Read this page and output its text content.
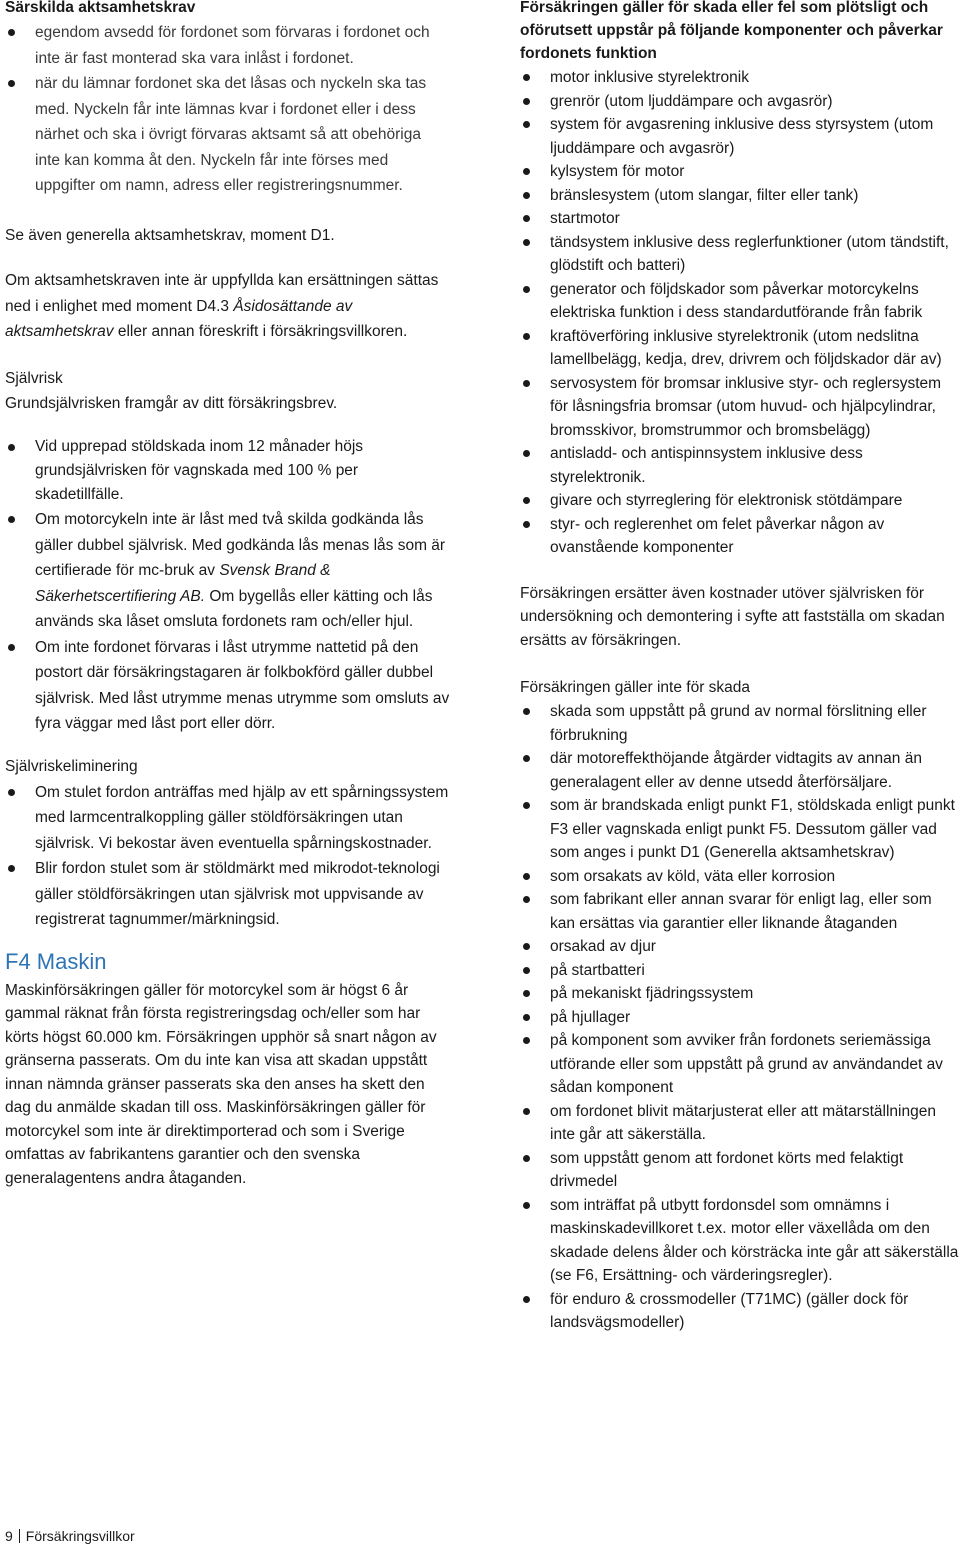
Särskilda aktsamhetskrav

egendom avsedd för fordonet som förvaras i fordonet och inte är fast monterad ska vara inlåst i fordonet.
när du lämnar fordonet ska det låsas och nyckeln ska tas med. Nyckeln får inte lämnas kvar i fordonet eller i dess närhet och ska i övrigt förvaras aktsamt så att obehöriga inte kan komma åt den. Nyckeln får inte förses med uppgifter om namn, adress eller registreringsnummer.

Se även generella aktsamhetskrav, moment D1.

Om aktsamhetskraven inte är uppfyllda kan ersättningen sättas ned i enlighet med moment D4.3 Åsidosättande av aktsamhetskrav eller annan föreskrift i försäkringsvillkoren.

Självrisk

Grundsjälvrisken framgår av ditt försäkringsbrev.

Vid upprepad stöldskada inom 12 månader höjs grundsjälvrisken för vagnskada med 100 % per skadetillfälle.
Om motorcykeln inte är låst med två skilda godkända lås gäller dubbel självrisk. Med godkända lås menas lås som är certifierade för mc-bruk av Svensk Brand & Säkerhetscertifiering AB. Om bygellås eller kätting och lås används ska låset omsluta fordonets ram och/eller hjul.
Om inte fordonet förvaras i låst utrymme nattetid på den postort där försäkringstagaren är folkbokförd gäller dubbel självrisk. Med låst utrymme menas utrymme som omsluts av fyra väggar med låst port eller dörr.

Självriskeliminering

Om stulet fordon anträffas med hjälp av ett spårningssystem med larmcentralkoppling gäller stöldförsäkringen utan självrisk. Vi bekostar även eventuella spårningskostnader.
Blir fordon stulet som är stöldmärkt med mikrodot-teknologi gäller stöldförsäkringen utan självrisk mot uppvisande av registrerat tagnummer/märkningsid.

F4 Maskin

Maskinförsäkringen gäller för motorcykel som är högst 6 år gammal räknat från första registreringsdag och/eller som har körts högst 60.000 km. Försäkringen upphör så snart någon av gränserna passerats. Om du inte kan visa att skadan uppstått innan nämnda gränser passerats ska den anses ha skett den dag du anmälde skadan till oss. Maskinförsäkringen gäller för motorcykel som inte är direktimporterad och som i Sverige omfattas av fabrikantens garantier och den svenska generalagentens andra åtaganden.

Försäkringen gäller för skada eller fel som plötsligt och oförutsett uppstår på följande komponenter och påverkar fordonets funktion

motor inklusive styrelektronik
grenrör (utom ljuddämpare och avgasrör)
system för avgasrening inklusive dess styrsystem (utom ljuddämpare och avgasrör)
kylsystem för motor
bränslesystem (utom slangar, filter eller tank)
startmotor
tändsystem inklusive dess reglerfunktioner (utom tändstift, glödstift och batteri)
generator och följdskador som påverkar motorcykelns elektriska funktion i dess standardutförande från fabrik
kraftöverföring inklusive styrelektronik (utom nedslitna lamellbelägg, kedja, drev, drivrem och följdskador där av)
servosystem för bromsar inklusive styr- och reglersystem för låsningsfria bromsar (utom huvud- och hjälpcylindrar, bromsskivor, bromstrummor och bromsbelägg)
antisladd- och antispinnsystem inklusive dess styrelektronik.
givare och styrreglering för elektronisk stötdämpare
styr- och reglerenhet om felet påverkar någon av ovanstående komponenter

Försäkringen ersätter även kostnader utöver självrisken för undersökning och demontering i syfte att fastställa om skadan ersätts av försäkringen.

Försäkringen gäller inte för skada

skada som uppstått på grund av normal förslitning eller förbrukning
där motoreffekthöjande åtgärder vidtagits av annan än generalagent eller av denne utsedd återförsäljare.
som är brandskada enligt punkt F1, stöldskada enligt punkt F3 eller vagnskada enligt punkt F5. Dessutom gäller vad som anges i punkt D1 (Generella aktsamhetskrav)
som orsakats av köld, väta eller korrosion
som fabrikant eller annan svarar för enligt lag, eller som kan ersättas via garantier eller liknande åtaganden
orsakad av djur
på startbatteri
på mekaniskt fjädringssystem
på hjullager
på komponent som avviker från fordonets seriemässiga utförande eller som uppstått på grund av användandet av sådan komponent
om fordonet blivit mätarjusterat eller att mätarställningen inte går att säkerställa.
som uppstått genom att fordonet körts med felaktigt drivmedel
som inträffat på utbytt fordonsdel som omnämns i maskinskadevillkoret t.ex. motor eller växellåda om den skadade delens ålder och körsträcka inte går att säkerställa (se F6, Ersättning- och värderingsregler).
för enduro & crossmodeller (T71MC) (gäller dock för landsvägsmodeller)
9 Försäkringsvillkor
